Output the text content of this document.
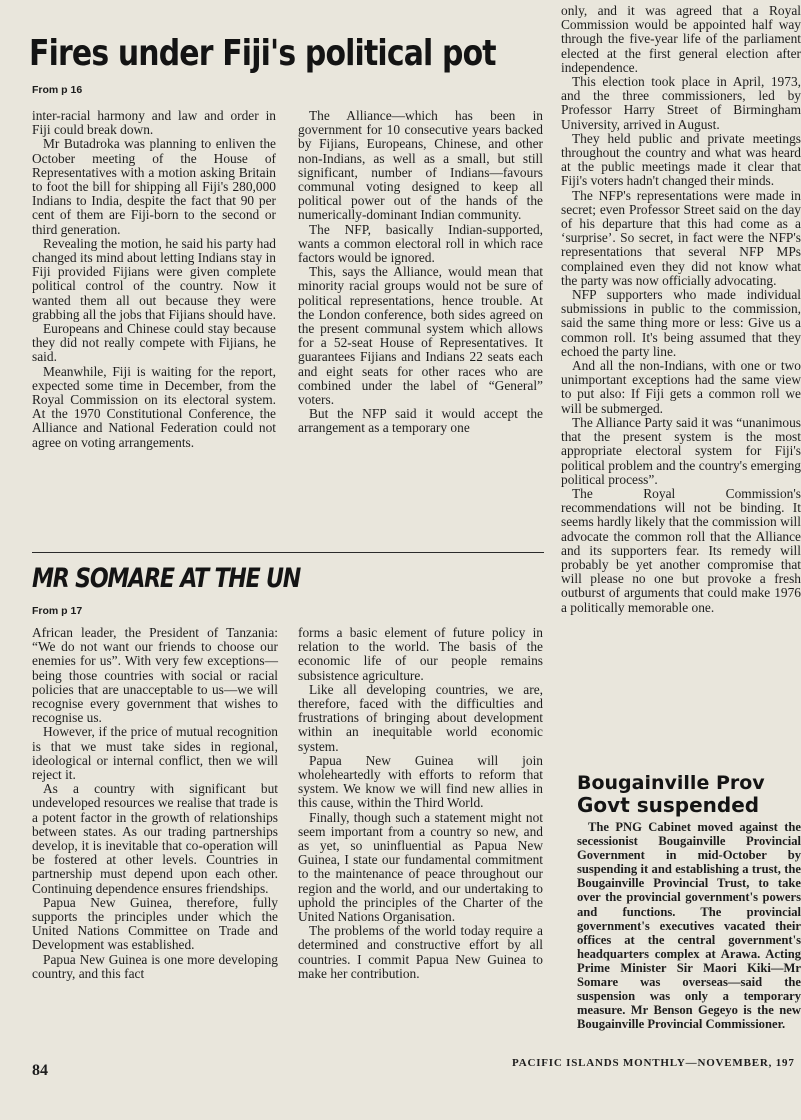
Fires under Fiji's political pot

From p 16

inter-racial harmony and law and order in Fiji could break down.

Mr Butadroka was planning to enliven the October meeting of the House of Representatives with a motion asking Britain to foot the bill for shipping all Fiji's 280,000 Indians to India, despite the fact that 90 per cent of them are Fiji-born to the second or third generation.

Revealing the motion, he said his party had changed its mind about letting Indians stay in Fiji provided Fijians were given complete political control of the country. Now it wanted them all out because they were grabbing all the jobs that Fijians should have.

Europeans and Chinese could stay because they did not really compete with Fijians, he said.

Meanwhile, Fiji is waiting for the report, expected some time in December, from the Royal Commission on its electoral system. At the 1970 Constitutional Conference, the Alliance and National Federation could not agree on voting arrangements.

The Alliance—which has been in government for 10 consecutive years backed by Fijians, Europeans, Chinese, and other non-Indians, as well as a small, but still significant, number of Indians—favours communal voting designed to keep all political power out of the hands of the numerically-dominant Indian community.

The NFP, basically Indian-supported, wants a common electoral roll in which race factors would be ignored.

This, says the Alliance, would mean that minority racial groups would not be sure of political representations, hence trouble. At the London conference, both sides agreed on the present communal system which allows for a 52-seat House of Representatives. It guarantees Fijians and Indians 22 seats each and eight seats for other races who are combined under the label of “General” voters.

But the NFP said it would accept the arrangement as a temporary one

only, and it was agreed that a Royal Commission would be appointed half way through the five-year life of the parliament elected at the first general election after independence.

This election took place in April, 1973, and the three commissioners, led by Professor Harry Street of Birmingham University, arrived in August.

They held public and private meetings throughout the country and what was heard at the public meetings made it clear that Fiji's voters hadn't changed their minds.

The NFP's representations were made in secret; even Professor Street said on the day of his departure that this had come as a ‘surprise’. So secret, in fact were the NFP's representations that several NFP MPs complained even they did not know what the party was now officially advocating.

NFP supporters who made individual submissions in public to the commission, said the same thing more or less: Give us a common roll. It's being assumed that they echoed the party line.

And all the non-Indians, with one or two unimportant exceptions had the same view to put also: If Fiji gets a common roll we will be submerged.

The Alliance Party said it was “unanimous that the present system is the most appropriate electoral system for Fiji's political problem and the country's emerging political process”.

The Royal Commission's recommendations will not be binding. It seems hardly likely that the commission will advocate the common roll that the Alliance and its supporters fear. Its remedy will probably be yet another compromise that will please no one but provoke a fresh outburst of arguments that could make 1976 a politically memorable one.

MR SOMARE AT THE UN

From p 17

African leader, the President of Tanzania: “We do not want our friends to choose our enemies for us”. With very few exceptions—being those countries with social or racial policies that are unacceptable to us—we will recognise every government that wishes to recognise us.

However, if the price of mutual recognition is that we must take sides in regional, ideological or internal conflict, then we will reject it.

As a country with significant but undeveloped resources we realise that trade is a potent factor in the growth of relationships between states. As our trading partnerships develop, it is inevitable that co-operation will be fostered at other levels. Countries in partnership must depend upon each other. Continuing dependence ensures friendships.

Papua New Guinea, therefore, fully supports the principles under which the United Nations Committee on Trade and Development was established.

Papua New Guinea is one more developing country, and this fact

forms a basic element of future policy in relation to the world. The basis of the economic life of our people remains subsistence agriculture.

Like all developing countries, we are, therefore, faced with the difficulties and frustrations of bringing about development within an inequitable world economic system.

Papua New Guinea will join wholeheartedly with efforts to reform that system. We know we will find new allies in this cause, within the Third World.

Finally, though such a statement might not seem important from a country so new, and as yet, so uninfluential as Papua New Guinea, I state our fundamental commitment to the maintenance of peace throughout our region and the world, and our undertaking to uphold the principles of the Charter of the United Nations Organisation.

The problems of the world today require a determined and constructive effort by all countries. I commit Papua New Guinea to make her contribution.

Bougainville Prov

Govt suspended

The PNG Cabinet moved against the secessionist Bougainville Provincial Government in mid-October by suspending it and establishing a trust, the Bougainville Provincial Trust, to take over the provincial government's powers and functions. The provincial government's executives vacated their offices at the central government's headquarters complex at Arawa. Acting Prime Minister Sir Maori Kiki—Mr Somare was overseas—said the suspension was only a temporary measure. Mr Benson Gegeyo is the new Bougainville Provincial Commissioner.

84	PACIFIC ISLANDS MONTHLY—NOVEMBER, 197
